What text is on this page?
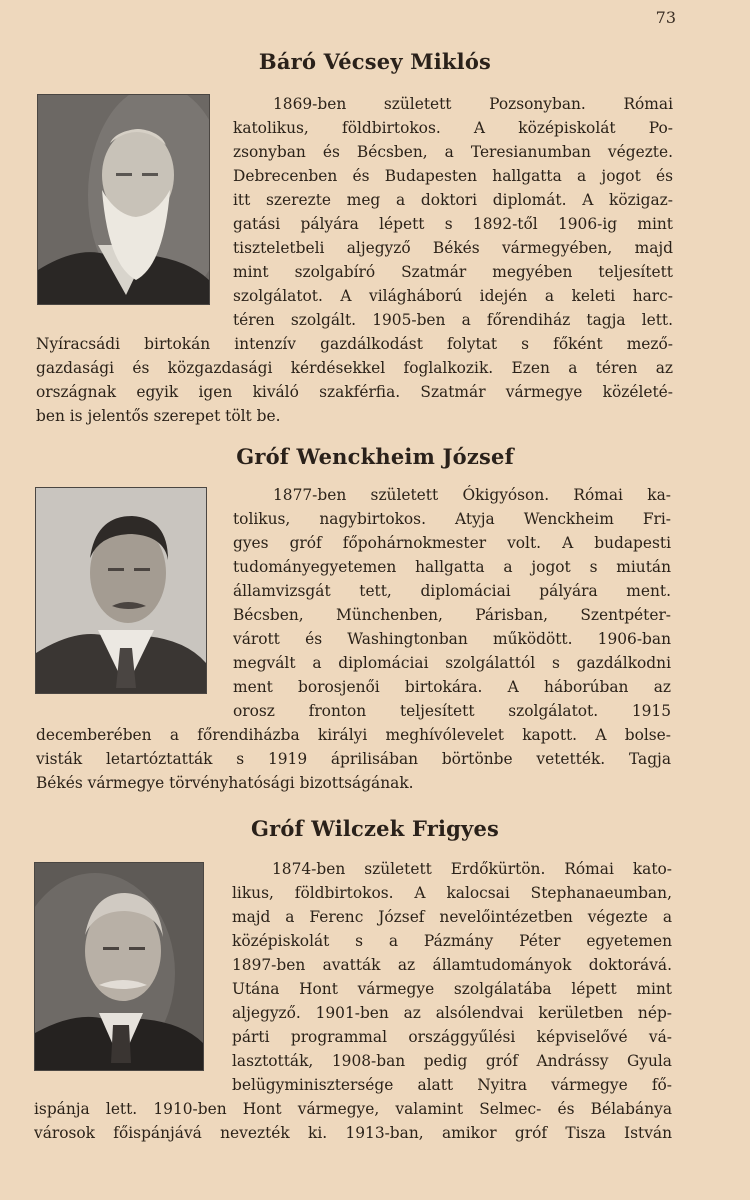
73
Báró Vécsey Miklós

1869-ben született Pozsonyban. Római

katolikus, földbirtokos. A középiskolát Po-

zsonyban és Bécsben, a Teresianumban végezte.

Debrecenben és Budapesten hallgatta a jogot és

itt szerezte meg a doktori diplomát. A közigaz-

gatási pályára lépett s 1892-től 1906-ig mint

tiszteletbeli aljegyző Békés vármegyében, majd

mint szolgabíró Szatmár megyében teljesített

szolgálatot. A világháború idején a keleti harc-

téren szolgált. 1905-ben a főrendiház tagja lett.

Nyíracsádi birtokán intenzív gazdálkodást folytat s főként mező-

gazdasági és közgazdasági kérdésekkel foglalkozik. Ezen a téren az

országnak egyik igen kiváló szakférfia. Szatmár vármegye közéleté-

ben is jelentős szerepet tölt be.

Gróf Wenckheim József

1877-ben született Ókigyóson. Római ka-

tolikus, nagybirtokos. Atyja Wenckheim Fri-

gyes gróf főpohárnokmester volt. A budapesti

tudományegyetemen hallgatta a jogot s miután

államvizsgát tett, diplomáciai pályára ment.

Bécsben, Münchenben, Párisban, Szentpéter-

várott és Washingtonban működött. 1906-ban

megvált a diplomáciai szolgálattól s gazdálkodni

ment borosjenői birtokára. A háborúban az

orosz fronton teljesített szolgálatot. 1915

decemberében a főrendiházba királyi meghívólevelet kapott. A bolse-

visták letartóztatták s 1919 áprilisában börtönbe vetették. Tagja

Békés vármegye törvényhatósági bizottságának.

Gróf Wilczek Frigyes

1874-ben született Erdőkürtön. Római kato-

likus, földbirtokos. A kalocsai Stephanaeumban,

majd a Ferenc József nevelőintézetben végezte a

középiskolát s a Pázmány Péter egyetemen

1897-ben avatták az államtudományok doktorává.

Utána Hont vármegye szolgálatába lépett mint

aljegyző. 1901-ben az alsólendvai kerületben nép-

párti programmal országgyűlési képviselővé vá-

lasztották, 1908-ban pedig gróf Andrássy Gyula

belügyminisztersége alatt Nyitra vármegye fő-

ispánja lett. 1910-ben Hont vármegye, valamint Selmec- és Bélabánya

városok főispánjává nevezték ki. 1913-ban, amikor gróf Tisza István
